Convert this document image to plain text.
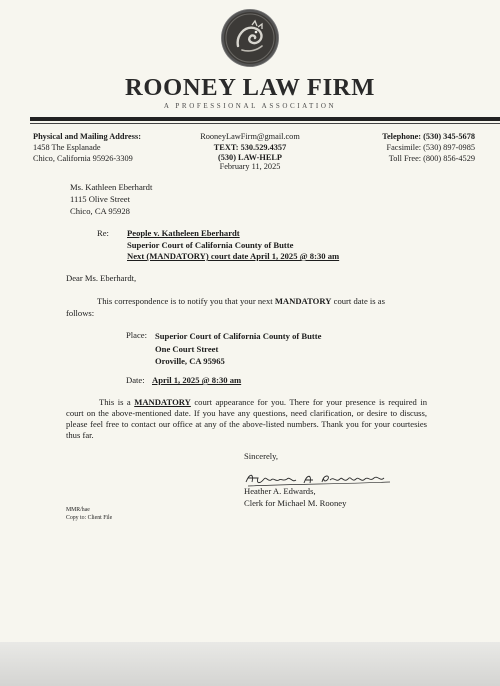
ROONEY LAW FIRM
A PROFESSIONAL ASSOCIATION
Physical and Mailing Address:
1458 The Esplanade
Chico, California 95926-3309
RooneyLawFirm@gmail.com
TEXT: 530.529.4357
(530) LAW-HELP
February 11, 2025
Telephone: (530) 345-5678
Facsimile: (530) 897-0985
Toll Free: (800) 856-4529
Ms. Kathleen Eberhardt
1115 Olive Street
Chico, CA 95928
Re: People v. Katheleen Eberhardt
Superior Court of California County of Butte
Next (MANDATORY) court date April 1, 2025 @ 8:30 am
Dear Ms. Eberhardt,
This correspondence is to notify you that your next MANDATORY court date is as
follows:
Place: Superior Court of California County of Butte
One Court Street
Oroville, CA 95965
Date: April 1, 2025 @ 8:30 am
This is a MANDATORY court appearance for you. There for your presence is required in court on the above-mentioned date. If you have any questions, need clarification, or desire to discuss, please feel free to contact our office at any of the above-listed numbers. Thank you for your courtesies thus far.
Sincerely,
Heather A. Edwards,
Clerk for Michael M. Rooney
MMR/hae
Copy to: Client File
